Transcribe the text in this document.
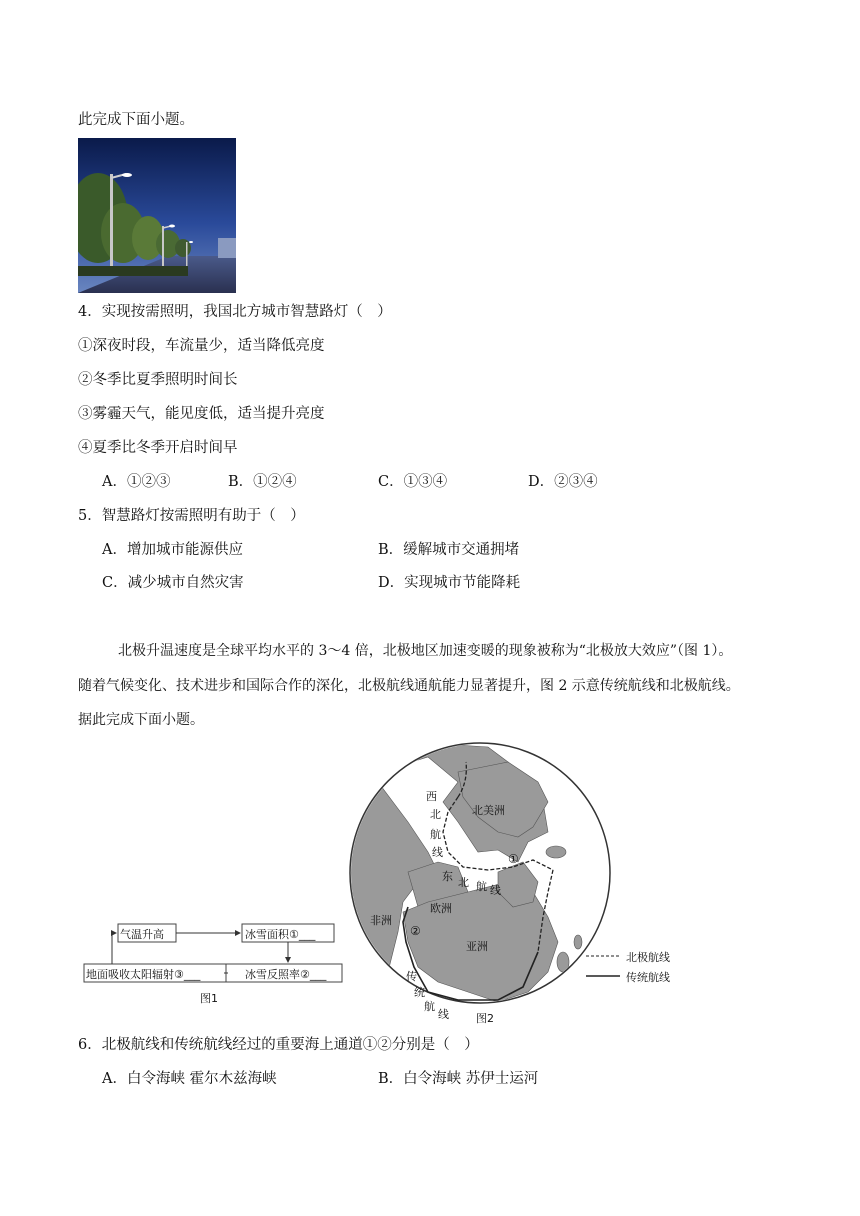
此完成下面小题。
4．实现按需照明，我国北方城市智慧路灯（　）
①深夜时段，车流量少，适当降低亮度
②冬季比夏季照明时间长
③雾霾天气，能见度低，适当提升亮度
④夏季比冬季开启时间早
A．①②③	B．①②④	C．①③④	D．②③④
5．智慧路灯按需照明有助于（　）
A．增加城市能源供应	B．缓解城市交通拥堵
C．减少城市自然灾害	D．实现城市节能降耗
北极升温速度是全球平均水平的 3～4 倍，北极地区加速变暖的现象被称为“北极放大效应”（图 1）。
随着气候变化、技术进步和国际合作的深化，北极航线通航能力显著提升，图 2 示意传统航线和北极航线。
据此完成下面小题。
气温升高	冰雪面积①___
冰雪反照率②___
地面吸收太阳辐射③___
图1
北美洲
非洲
欧洲
亚洲
西
北
航
线
东 北 航 线
传
统
航
线
①
②
北极航线
传统航线
图2
6．北极航线和传统航线经过的重要海上通道①②分别是（　）
A．白令海峡 霍尔木兹海峡	B．白令海峡 苏伊士运河
